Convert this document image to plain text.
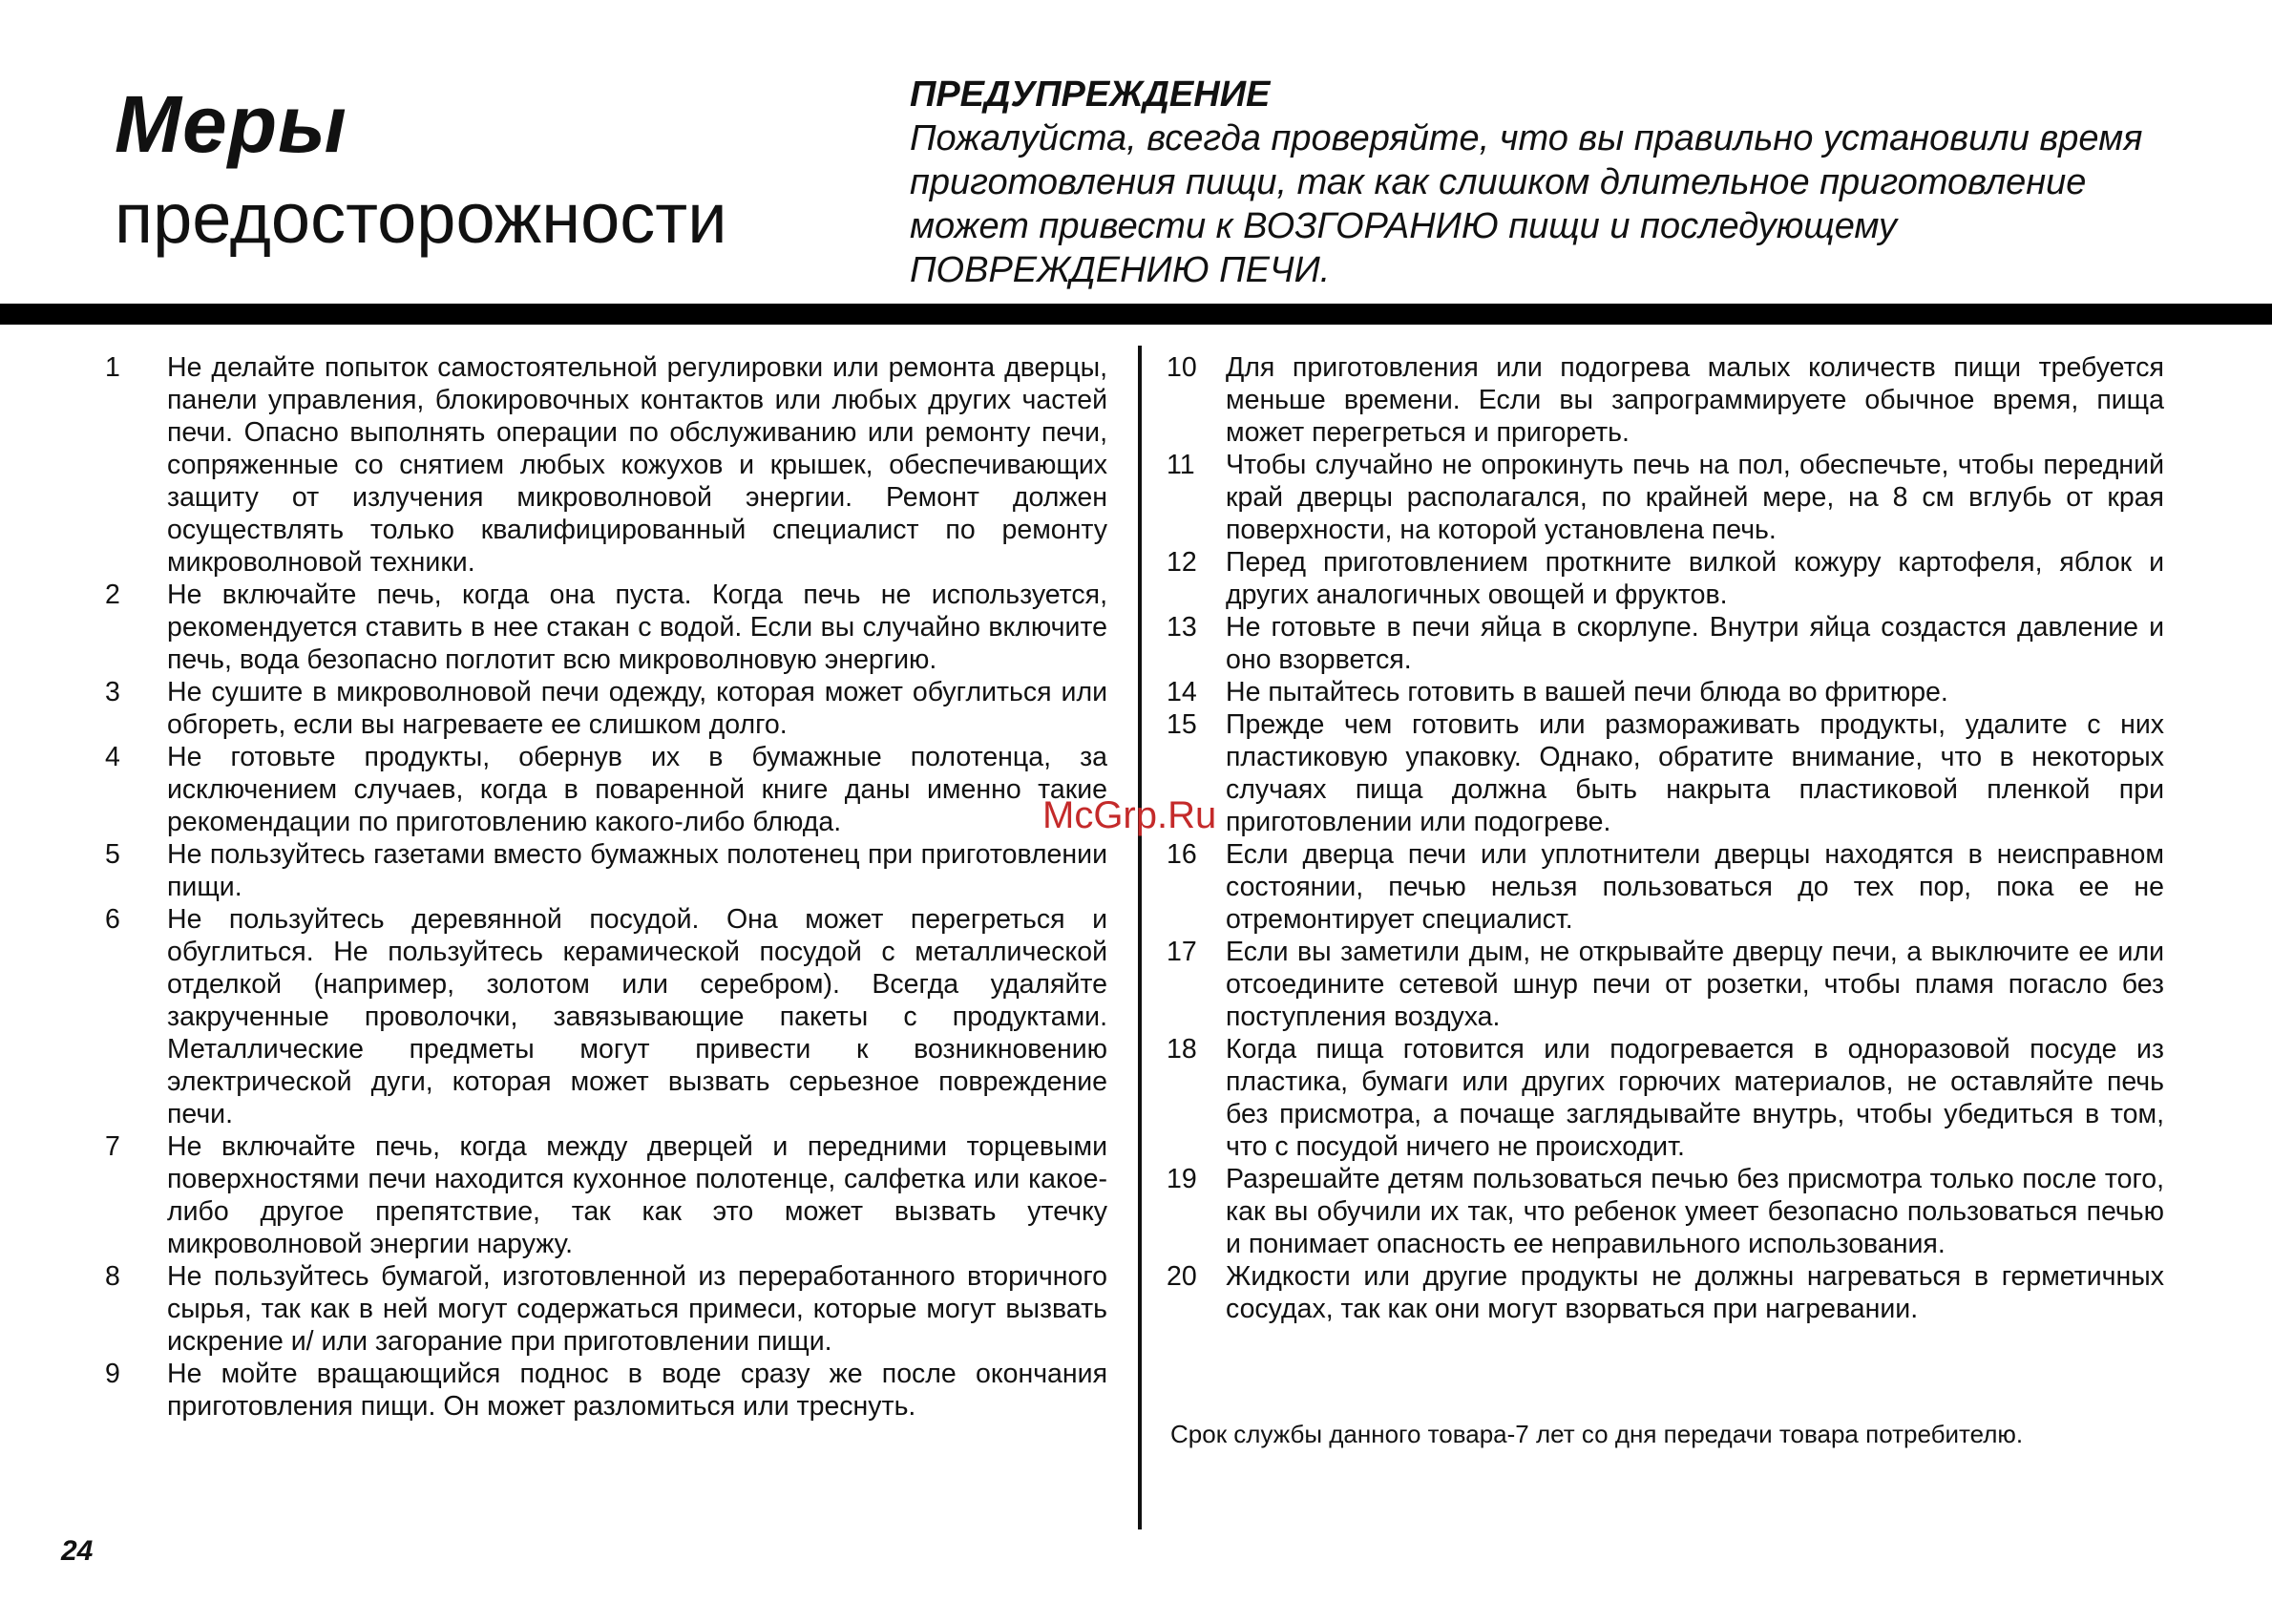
Меры
предосторожности
ПРЕДУПРЕЖДЕНИЕ
Пожалуйста, всегда проверяйте, что вы правильно установили время приготовления пищи, так как слишком длительное приготовление может привести к ВОЗГОРАНИЮ пищи и последующему ПОВРЕЖДЕНИЮ ПЕЧИ.
1	Не делайте попыток самостоятельной регулировки или ремонта дверцы, панели управления, блокировочных контактов или любых других частей печи. Опасно выполнять операции по обслуживанию или ремонту печи, сопряженные со снятием любых кожухов и крышек, обеспечивающих защиту от излучения микроволновой энергии. Ремонт должен осуществлять только квалифицированный специалист по ремонту микроволновой техники.
2	Не включайте печь, когда она пуста. Когда печь не используется, рекомендуется ставить в нее стакан с водой. Если вы случайно включите печь, вода безопасно поглотит всю микроволновую энергию.
3	Не сушите в микроволновой печи одежду, которая может обуглиться или обгореть, если вы нагреваете ее слишком долго.
4	Не готовьте продукты, обернув их в бумажные полотенца, за исключением случаев, когда в поваренной книге даны именно такие рекомендации по приготовлению какого-либо блюда.
5	Не пользуйтесь газетами вместо бумажных полотенец при приготовлении пищи.
6	Не пользуйтесь деревянной посудой. Она может перегреться и обуглиться. Не пользуйтесь керамической посудой с металлической отделкой (например, золотом или серебром). Всегда удаляйте закрученные проволочки, завязывающие пакеты с продуктами. Металлические предметы могут привести к возникновению электрической дуги, которая может вызвать серьезное повреждение печи.
7	Не включайте печь, когда между дверцей и передними торцевыми поверхностями печи находится кухонное полотенце, салфетка или какое-либо другое препятствие, так как это может вызвать утечку микроволновой энергии наружу.
8	Не пользуйтесь бумагой, изготовленной из переработанного вторичного сырья, так как в ней могут содержаться примеси, которые могут вызвать искрение и/ или загорание при приготовлении пищи.
9	Не мойте вращающийся поднос в воде сразу же после окончания приготовления пищи. Он может разломиться или треснуть.
10	Для приготовления или подогрева малых количеств пищи требуется меньше времени. Если вы запрограммируете обычное время, пища может перегреться и пригореть.
11	Чтобы случайно не опрокинуть печь на пол, обеспечьте, чтобы передний край дверцы располагался, по крайней мере, на 8 см вглубь от края поверхности, на которой установлена печь.
12	Перед приготовлением проткните вилкой кожуру картофеля, яблок и других аналогичных овощей и фруктов.
13	Не готовьте в печи яйца в скорлупе. Внутри яйца создастся давление и оно взорвется.
14	Не пытайтесь готовить в вашей печи блюда во фритюре.
15	Прежде чем готовить или размораживать продукты, удалите с них пластиковую упаковку. Однако, обратите внимание, что в некоторых случаях пища должна быть накрыта пластиковой пленкой при приготовлении или подогреве.
16	Если дверца печи или уплотнители дверцы находятся в неисправном состоянии, печью нельзя пользоваться до тех пор, пока ее не отремонтирует специалист.
17	Если вы заметили дым, не открывайте дверцу печи, а выключите ее или отсоедините сетевой шнур печи от розетки, чтобы пламя погасло без поступления воздуха.
18	Когда пища готовится или подогревается в одноразовой посуде из пластика, бумаги или других горючих материалов, не оставляйте печь без присмотра, а почаще заглядывайте внутрь, чтобы убедиться в том, что с посудой ничего не происходит.
19	Разрешайте детям пользоваться печью без присмотра только после того, как вы обучили их так, что ребенок умеет безопасно пользоваться печью и понимает опасность ее неправильного использования.
20	Жидкости или другие продукты не должны нагреваться в герметичных сосудах, так как они могут взорваться при нагревании.
Срок службы данного товара-7 лет со дня передачи товара потребителю.
McGrp.Ru
24
